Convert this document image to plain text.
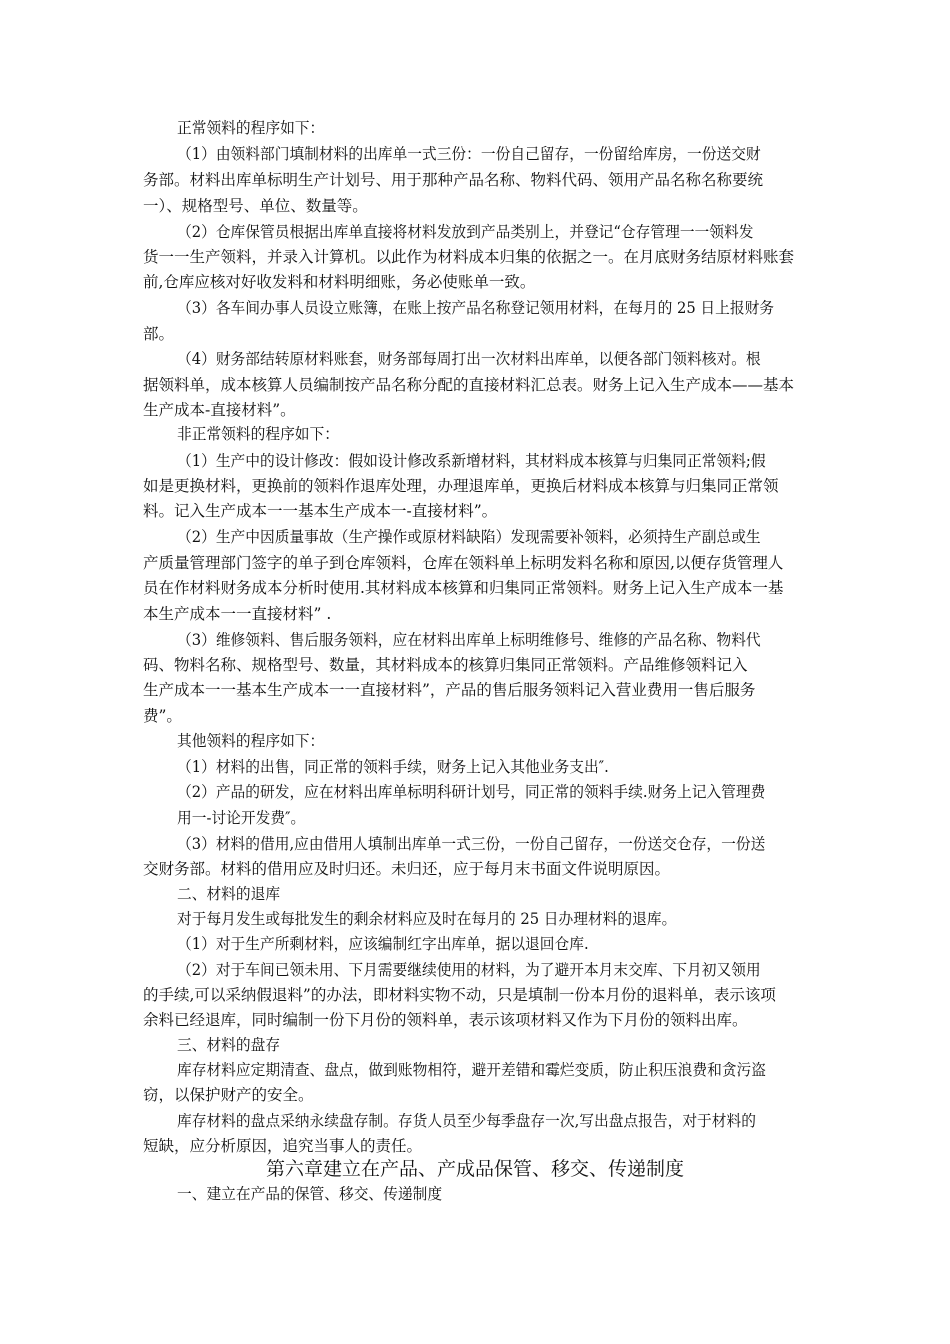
正常领料的程序如下：
（1）由领料部门填制材料的出库单一式三份：一份自己留存，一份留给库房，一份送交财
务部。材料出库单标明生产计划号、用于那种产品名称、物料代码、领用产品名称名称要统
一）、规格型号、单位、数量等。
（2）仓库保管员根据出库单直接将材料发放到产品类别上，并登记“仓存管理一一领料发
货一一生产领料，并录入计算机。以此作为材料成本归集的依据之一。在月底财务结原材料账套
前,仓库应核对好收发料和材料明细账，务必使账单一致。
（3）各车间办事人员设立账簿，在账上按产品名称登记领用材料，在每月的 25 日上报财务
部。
（4）财务部结转原材料账套，财务部每周打出一次材料出库单，以便各部门领料核对。根
据领料单，成本核算人员编制按产品名称分配的直接材料汇总表。财务上记入生产成本——基本
生产成本-直接材料”。
非正常领料的程序如下：
（1）生产中的设计修改：假如设计修改系新增材料，其材料成本核算与归集同正常领料;假
如是更换材料，更换前的领料作退库处理，办理退库单，更换后材料成本核算与归集同正常领
料。记入生产成本一一基本生产成本一-直接材料”。
（2）生产中因质量事故（生产操作或原材料缺陷）发现需要补领料，必须持生产副总或生
产质量管理部门签字的单子到仓库领料，仓库在领料单上标明发料名称和原因,以便存货管理人
员在作材料财务成本分析时使用.其材料成本核算和归集同正常领料。财务上记入生产成本一基
本生产成本一一直接材料” .
（3）维修领料、售后服务领料，应在材料出库单上标明维修号、维修的产品名称、物料代
码、物料名称、规格型号、数量，其材料成本的核算归集同正常领料。产品维修领料记入
生产成本一一基本生产成本一一直接材料”，产品的售后服务领料记入营业费用一售后服务
费”。
其他领料的程序如下：
（1）材料的出售，同正常的领料手续，财务上记入其他业务支出″.
（2）产品的研发，应在材料出库单标明科研计划号，同正常的领料手续.财务上记入管理费
用一-讨论开发费″。
（3）材料的借用,应由借用人填制出库单一式三份，一份自己留存，一份送交仓存，一份送
交财务部。材料的借用应及时归还。未归还，应于每月末书面文件说明原因。
二、材料的退库
对于每月发生或每批发生的剩余材料应及时在每月的 25 日办理材料的退库。
（1）对于生产所剩材料，应该编制红字出库单，据以退回仓库.
（2）对于车间已领未用、下月需要继续使用的材料，为了避开本月末交库、下月初又领用
的手续,可以采纳假退料”的办法，即材料实物不动，只是填制一份本月份的退料单，表示该项
余料已经退库，同时编制一份下月份的领料单，表示该项材料又作为下月份的领料出库。
三、材料的盘存
库存材料应定期清查、盘点，做到账物相符，避开差错和霉烂变质，防止积压浪费和贪污盗
窃，以保护财产的安全。
库存材料的盘点采纳永续盘存制。存货人员至少每季盘存一次,写出盘点报告，对于材料的
短缺，应分析原因，追究当事人的责任。
第六章建立在产品、产成品保管、移交、传递制度
一、建立在产品的保管、移交、传递制度
